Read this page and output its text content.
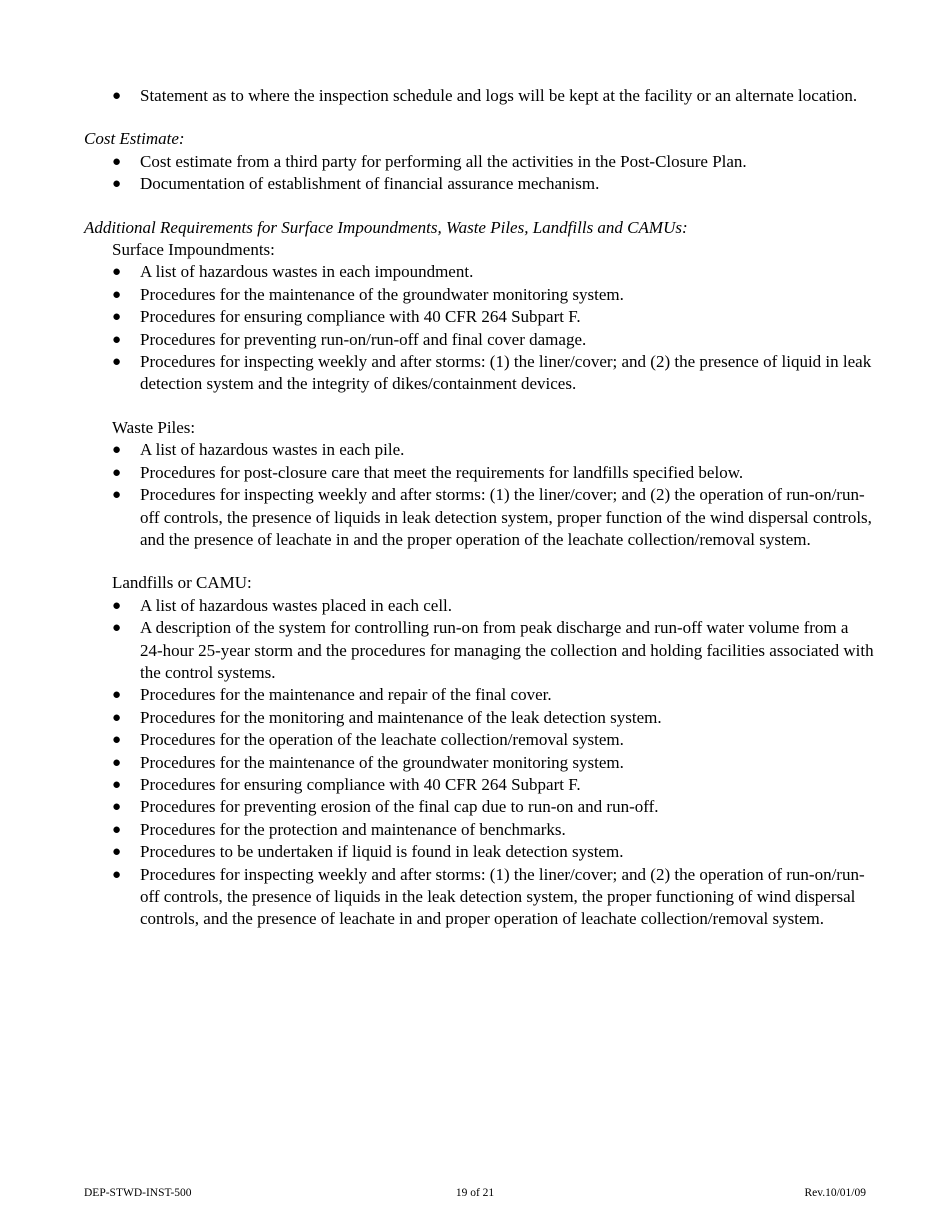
● Statement as to where the inspection schedule and logs will be kept at the facility or an alternate location.

Cost Estimate:

● Cost estimate from a third party for performing all the activities in the Post-Closure Plan.
● Documentation of establishment of financial assurance mechanism.

Additional Requirements for Surface Impoundments, Waste Piles, Landfills and CAMUs:

Surface Impoundments:

● A list of hazardous wastes in each impoundment.
● Procedures for the maintenance of the groundwater monitoring system.
● Procedures for ensuring compliance with 40 CFR 264 Subpart F.
● Procedures for preventing run-on/run-off and final cover damage.
● Procedures for inspecting weekly and after storms: (1) the liner/cover; and (2) the presence of liquid in leak detection system and the integrity of dikes/containment devices.

Waste Piles:

● A list of hazardous wastes in each pile.
● Procedures for post-closure care that meet the requirements for landfills specified below.
● Procedures for inspecting weekly and after storms: (1) the liner/cover; and (2) the operation of run-on/run-off controls, the presence of liquids in leak detection system, proper function of the wind dispersal controls, and the presence of leachate in and the proper operation of the leachate collection/removal system.

Landfills or CAMU:

● A list of hazardous wastes placed in each cell.
● A description of the system for controlling run-on from peak discharge and run-off water volume from a 24-hour 25-year storm and the procedures for managing the collection and holding facilities associated with the control systems.
● Procedures for the maintenance and repair of the final cover.
● Procedures for the monitoring and maintenance of the leak detection system.
● Procedures for the operation of the leachate collection/removal system.
● Procedures for the maintenance of the groundwater monitoring system.
● Procedures for ensuring compliance with 40 CFR 264 Subpart F.
● Procedures for preventing erosion of the final cap due to run-on and run-off.
● Procedures for the protection and maintenance of benchmarks.
● Procedures to be undertaken if liquid is found in leak detection system.
● Procedures for inspecting weekly and after storms: (1) the liner/cover; and (2) the operation of run-on/run-off controls, the presence of liquids in the leak detection system, the proper functioning of wind dispersal controls, and the presence of leachate in and proper operation of leachate collection/removal system.
DEP-STWD-INST-500	19 of 21	Rev.10/01/09
